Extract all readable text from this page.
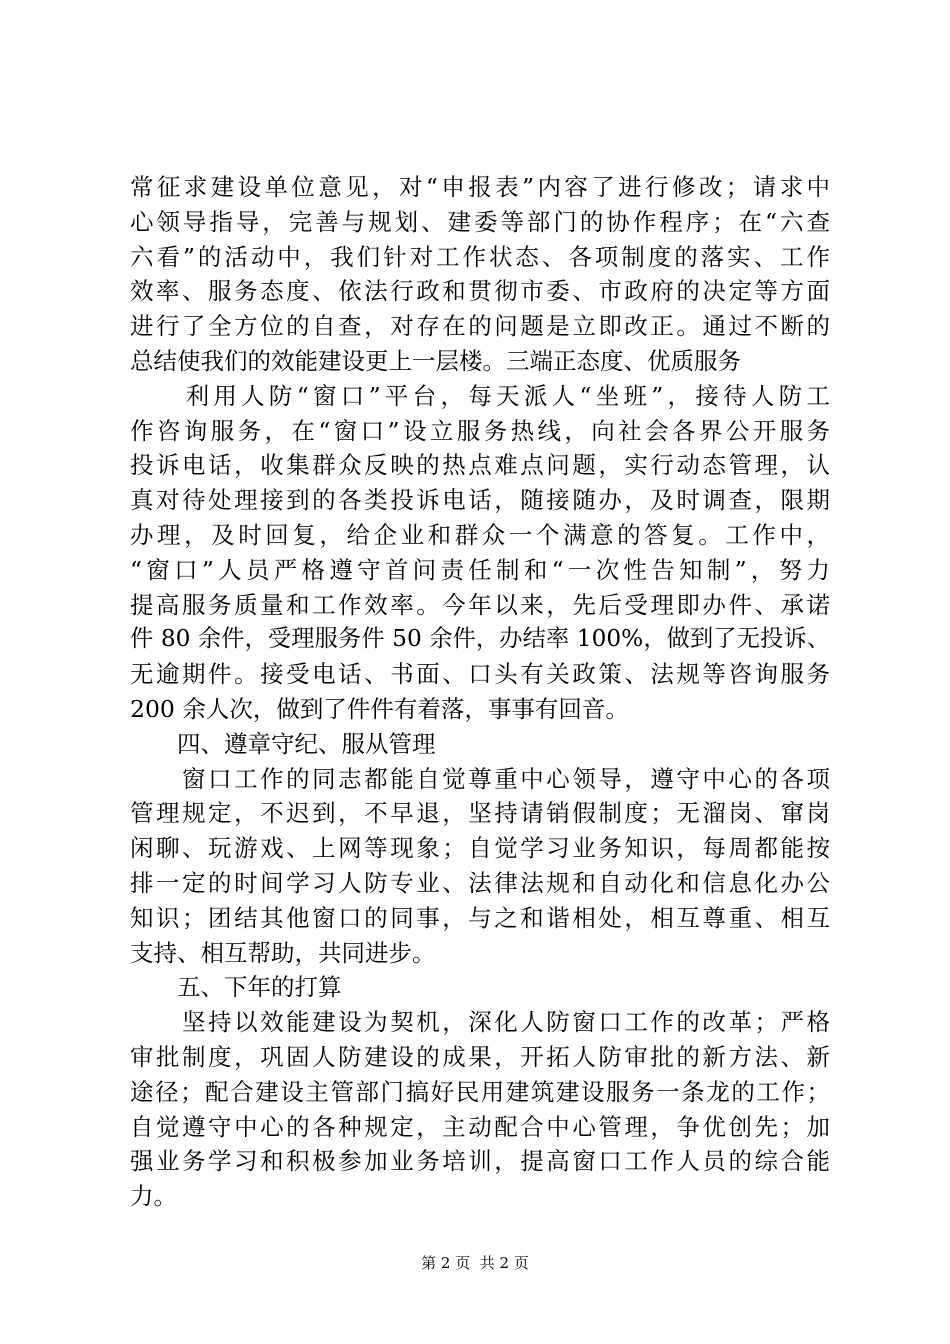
常征求建设单位意见，对“申报表”内容了进行修改；请求中
心领导指导，完善与规划、建委等部门的协作程序；在“六查
六看”的活动中，我们针对工作状态、各项制度的落实、工作
效率、服务态度、依法行政和贯彻市委、市政府的决定等方面
进行了全方位的自查，对存在的问题是立即改正。通过不断的
总结使我们的效能建设更上一层楼。三端正态度、优质服务
　　利用人防“窗口”平台，每天派人“坐班”，接待人防工
作咨询服务，在“窗口”设立服务热线，向社会各界公开服务
投诉电话，收集群众反映的热点难点问题，实行动态管理，认
真对待处理接到的各类投诉电话，随接随办，及时调查，限期
办理，及时回复，给企业和群众一个满意的答复。工作中，
“窗口”人员严格遵守首问责任制和“一次性告知制”，努力
提高服务质量和工作效率。今年以来，先后受理即办件、承诺
件 80 余件，受理服务件 50 余件，办结率 100%，做到了无投诉、
无逾期件。接受电话、书面、口头有关政策、法规等咨询服务
200 余人次，做到了件件有着落，事事有回音。
　　四、遵章守纪、服从管理
　　窗口工作的同志都能自觉尊重中心领导，遵守中心的各项
管理规定，不迟到，不早退，坚持请销假制度；无溜岗、窜岗
闲聊、玩游戏、上网等现象；自觉学习业务知识，每周都能按
排一定的时间学习人防专业、法律法规和自动化和信息化办公
知识；团结其他窗口的同事，与之和谐相处，相互尊重、相互
支持、相互帮助，共同进步。
　　五、下年的打算
　　坚持以效能建设为契机，深化人防窗口工作的改革；严格
审批制度，巩固人防建设的成果，开拓人防审批的新方法、新
途径；配合建设主管部门搞好民用建筑建设服务一条龙的工作；
自觉遵守中心的各种规定，主动配合中心管理，争优创先；加
强业务学习和积极参加业务培训，提高窗口工作人员的综合能
力。
第 2 页  共 2 页
